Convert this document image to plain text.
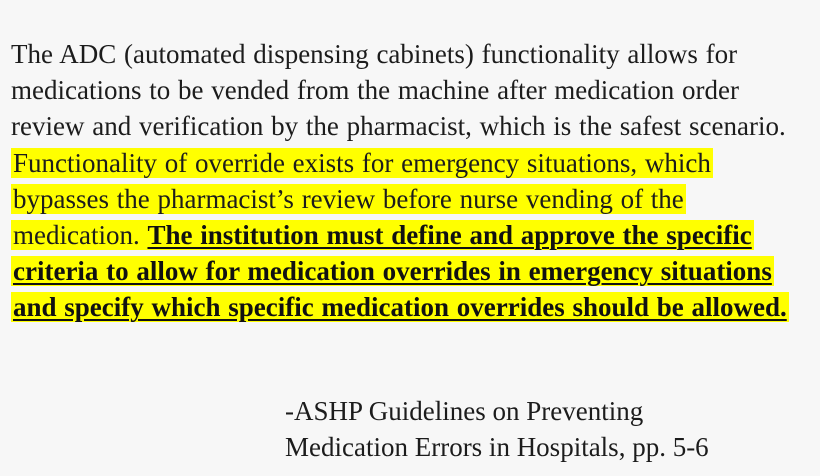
The ADC (automated dispensing cabinets) functionality allows for medications to be vended from the machine after medication order review and verification by the pharmacist, which is the safest scenario. Functionality of override exists for emergency situations, which bypasses the pharmacist’s review before nurse vending of the medication. The institution must define and approve the specific criteria to allow for medication overrides in emergency situations and specify which specific medication overrides should be allowed.

-ASHP Guidelines on Preventing
Medication Errors in Hospitals, pp. 5-6
